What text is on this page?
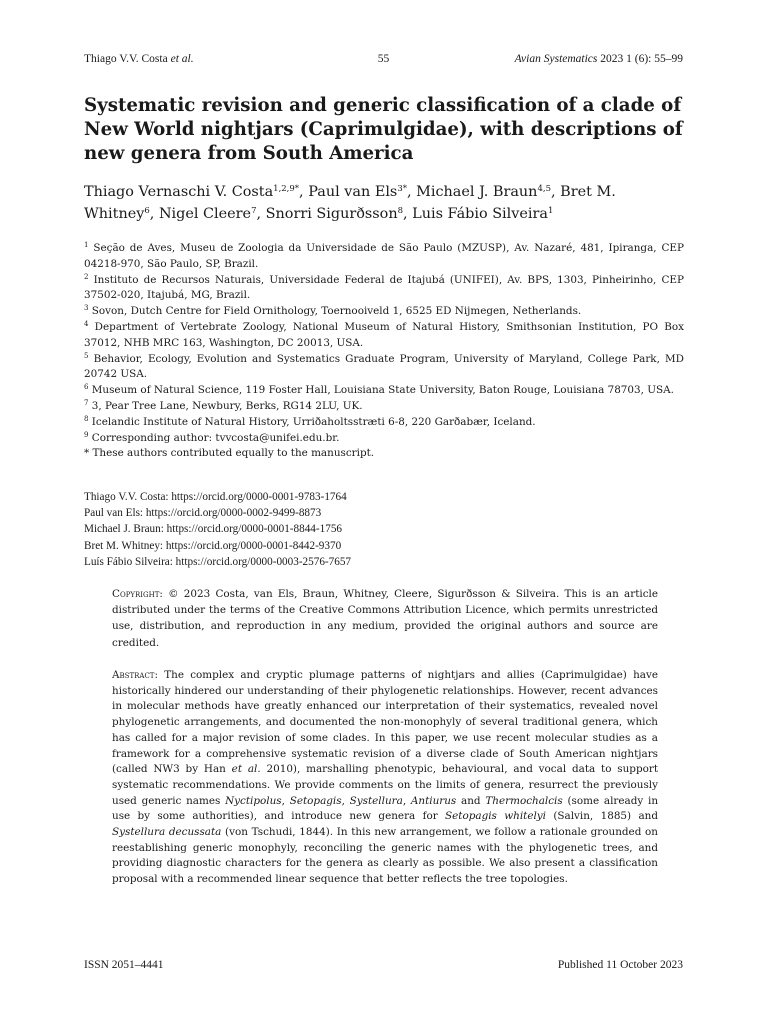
Thiago V.V. Costa et al.	55	Avian Systematics 2023 1 (6): 55–99
Systematic revision and generic classification of a clade of New World nightjars (Caprimulgidae), with descriptions of new genera from South America

Thiago Vernaschi V. Costa$^{1,2,9*}$, Paul van Els$^{3*}$, Michael J. Braun$^{4,5}$, Bret M. Whitney$^6$, Nigel Cleere$^7$, Snorri Sigurðsson$^8$, Luis Fábio Silveira$^1$

$^1$ Seção de Aves, Museu de Zoologia da Universidade de São Paulo (MZUSP), Av. Nazaré, 481, Ipiranga, CEP 04218-970, São Paulo, SP, Brazil.

$^2$ Instituto de Recursos Naturais, Universidade Federal de Itajubá (UNIFEI), Av. BPS, 1303, Pinheirinho, CEP 37502-020, Itajubá, MG, Brazil.

$^3$ Sovon, Dutch Centre for Field Ornithology, Toernooiveld 1, 6525 ED Nijmegen, Netherlands.

$^4$ Department of Vertebrate Zoology, National Museum of Natural History, Smithsonian Institution, PO Box 37012, NHB MRC 163, Washington, DC 20013, USA.

$^5$ Behavior, Ecology, Evolution and Systematics Graduate Program, University of Maryland, College Park, MD 20742 USA.

$^6$ Museum of Natural Science, 119 Foster Hall, Louisiana State University, Baton Rouge, Louisiana 78703, USA.

$^7$ 3, Pear Tree Lane, Newbury, Berks, RG14 2LU, UK.

$^8$ Icelandic Institute of Natural History, Urriðaholtsstræti 6-8, 220 Garðabær, Iceland.

$^9$ Corresponding author: tvvcosta@unifei.edu.br.

* These authors contributed equally to the manuscript.

Thiago V.V. Costa: https://orcid.org/0000-0001-9783-1764
Paul van Els: https://orcid.org/0000-0002-9499-8873
Michael J. Braun: https://orcid.org/0000-0001-8844-1756
Bret M. Whitney: https://orcid.org/0000-0001-8442-9370
Luís Fábio Silveira: https://orcid.org/0000-0003-2576-7657

Copyright: © 2023 Costa, van Els, Braun, Whitney, Cleere, Sigurðsson & Silveira. This is an article distributed under the terms of the Creative Commons Attribution Licence, which permits unrestricted use, distribution, and reproduction in any medium, provided the original authors and source are credited.

Abstract: The complex and cryptic plumage patterns of nightjars and allies (Caprimulgidae) have historically hindered our understanding of their phylogenetic relationships. However, recent advances in molecular methods have greatly enhanced our interpretation of their systematics, revealed novel phylogenetic arrangements, and documented the non-monophyly of several traditional genera, which has called for a major revision of some clades. In this paper, we use recent molecular studies as a framework for a comprehensive systematic revision of a diverse clade of South American nightjars (called NW3 by Han et al. 2010), marshalling phenotypic, behavioural, and vocal data to support systematic recommendations. We provide comments on the limits of genera, resurrect the previously used generic names Nyctipolus, Setopagis, Systellura, Antiurus and Thermochalcis (some already in use by some authorities), and introduce new genera for Setopagis whitelyi (Salvin, 1885) and Systellura decussata (von Tschudi, 1844). In this new arrangement, we follow a rationale grounded on reestablishing generic monophyly, reconciling the generic names with the phylogenetic trees, and providing diagnostic characters for the genera as clearly as possible. We also present a classification proposal with a recommended linear sequence that better reflects the tree topologies.

ISSN 2051–4441	Published 11 October 2023
